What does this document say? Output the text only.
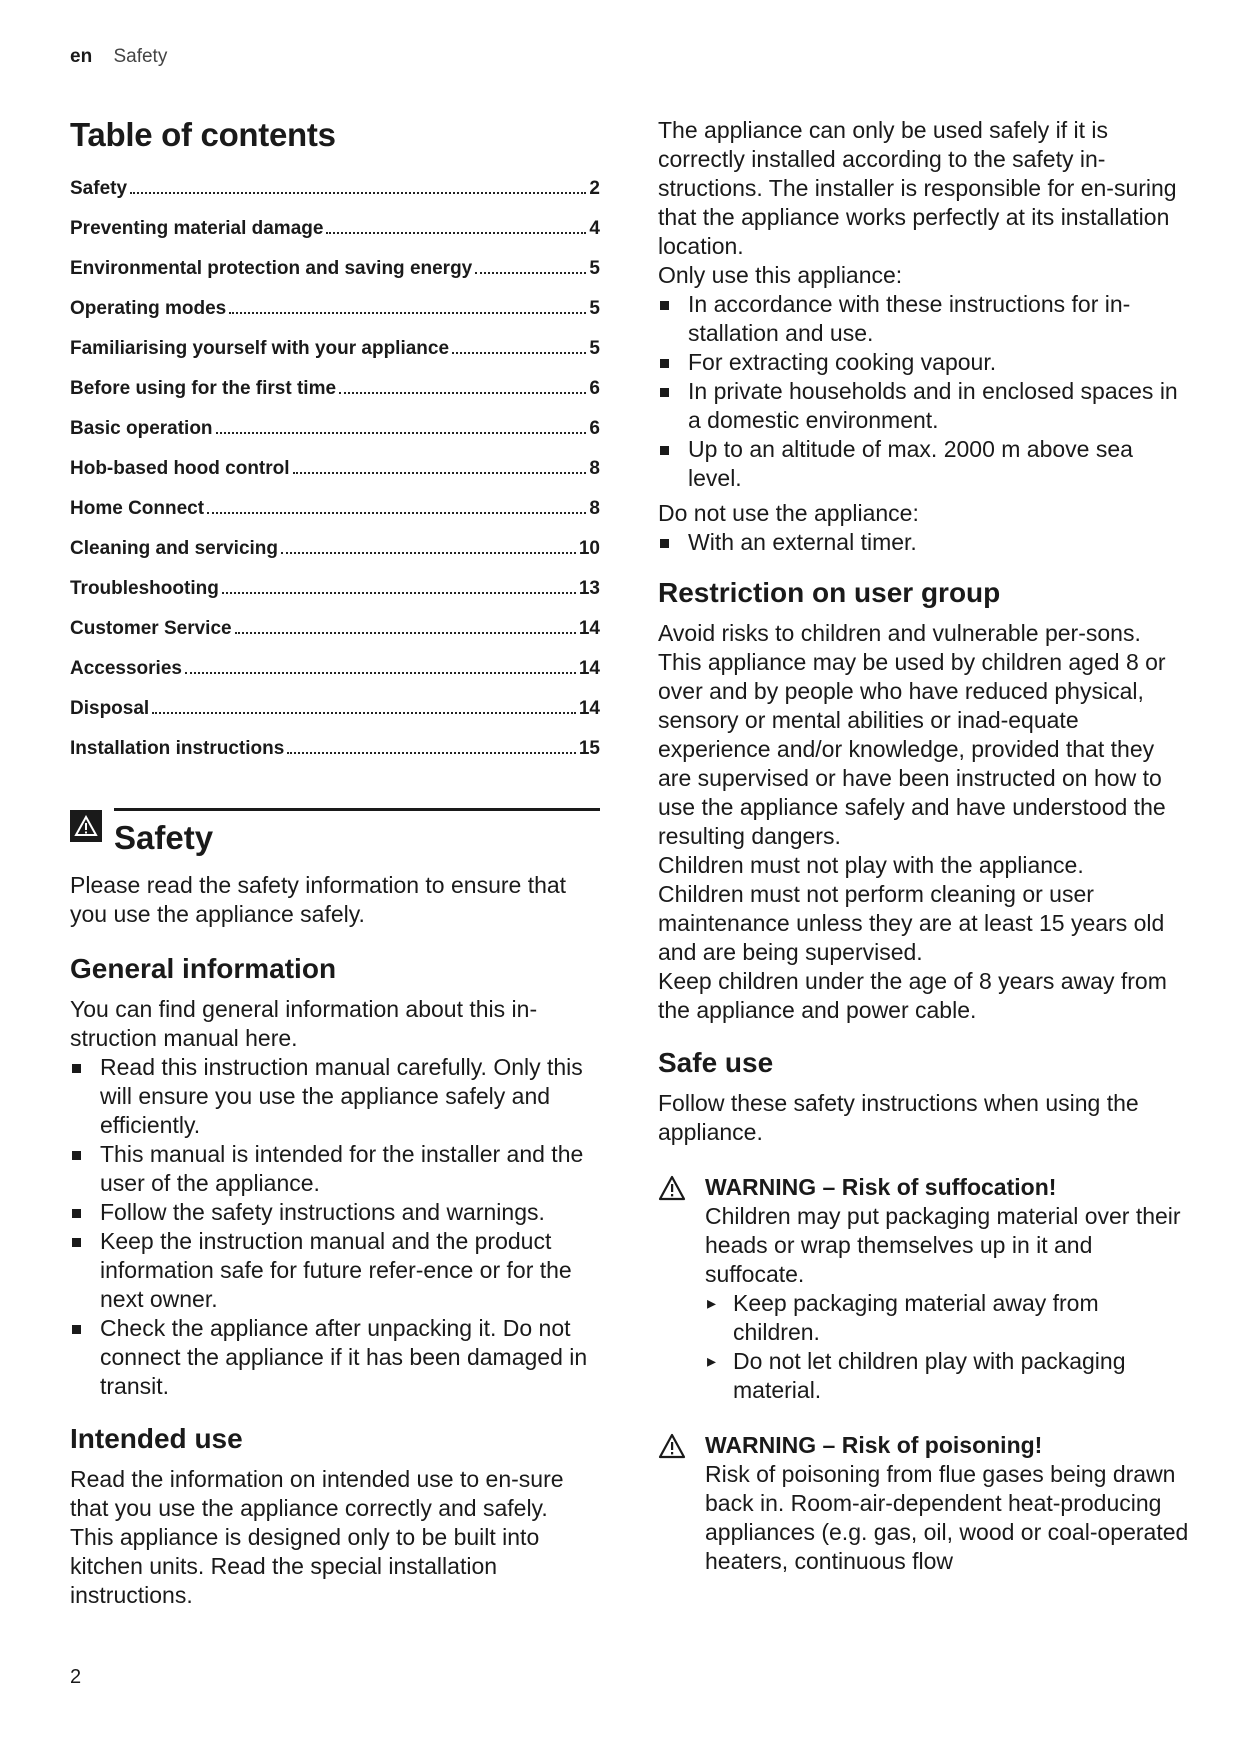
en Safety
Table of contents
Safety	2
Preventing material damage	4
Environmental protection and saving energy	5
Operating modes	5
Familiarising yourself with your appliance	5
Before using for the first time	6
Basic operation	6
Hob-based hood control	8
Home Connect	8
Cleaning and servicing	10
Troubleshooting	13
Customer Service	14
Accessories	14
Disposal	14
Installation instructions	15
Safety

Please read the safety information to ensure that you use the appliance safely.

General information

You can find general information about this in-struction manual here.

Read this instruction manual carefully. Only this will ensure you use the appliance safely and efficiently.
This manual is intended for the installer and the user of the appliance.
Follow the safety instructions and warnings.
Keep the instruction manual and the product information safe for future refer-ence or for the next owner.
Check the appliance after unpacking it. Do not connect the appliance if it has been damaged in transit.
Intended use

Read the information on intended use to en-sure that you use the appliance correctly and safely.

This appliance is designed only to be built into kitchen units. Read the special installation instructions.

The appliance can only be used safely if it is correctly installed according to the safety in-structions. The installer is responsible for en-suring that the appliance works perfectly at its installation location.

Only use this appliance:

In accordance with these instructions for in-stallation and use.
For extracting cooking vapour.
In private households and in enclosed spaces in a domestic environment.
Up to an altitude of max. 2000 m above sea level.

Do not use the appliance:

With an external timer.
Restriction on user group

Avoid risks to children and vulnerable per-sons.

This appliance may be used by children aged 8 or over and by people who have reduced physical, sensory or mental abilities or inad-equate experience and/or knowledge, provided that they are supervised or have been instructed on how to use the appliance safely and have understood the resulting dangers.

Children must not play with the appliance.

Children must not perform cleaning or user maintenance unless they are at least 15 years old and are being supervised.

Keep children under the age of 8 years away from the appliance and power cable.

Safe use

Follow these safety instructions when using the appliance.

WARNING – Risk of suffocation!

Children may put packaging material over their heads or wrap themselves up in it and suffocate.

▸ Keep packaging material away from children.
▸ Do not let children play with packaging material.
WARNING – Risk of poisoning!

Risk of poisoning from flue gases being drawn back in. Room-air-dependent heat-producing appliances (e.g. gas, oil, wood or coal-operated heaters, continuous flow

2
